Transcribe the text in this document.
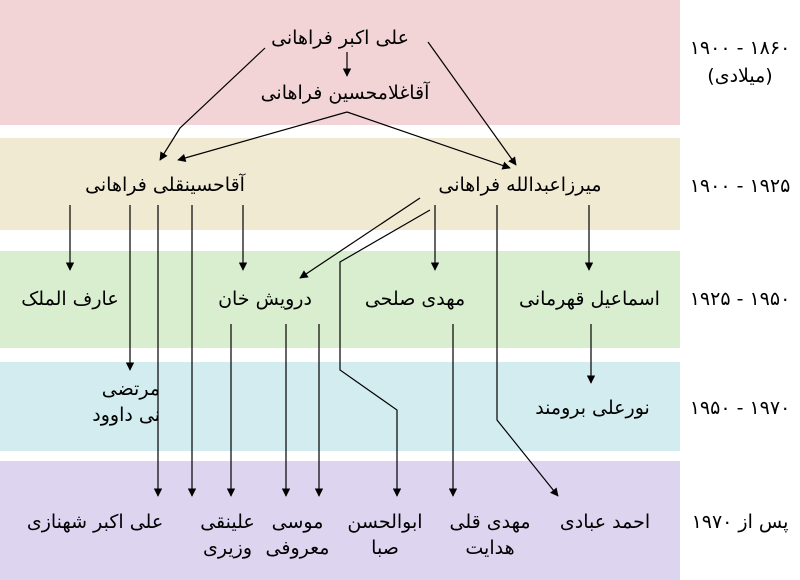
۱۸۶۰ - ۱۹۰۰
(میلادی)
۱۹۰۰ - ۱۹۲۵
۱۹۲۵ - ۱۹۵۰
۱۹۵۰ - ۱۹۷۰
پس از ۱۹۷۰
علی اکبر فراهانی
آقاغلامحسین فراهانی
آقاحسینقلی فراهانی	میرزاعبدالله فراهانی
عارف الملک	درویش خان	مهدی صلحی	اسماعیل قهرمانی
مرتضی
نی داوود	نورعلی برومند
علی اکبر شهنازی	علینقی
وزیری
موسی
معروفی
ابوالحسن
صبا
مهدی قلی
هدایت
احمد عبادی
